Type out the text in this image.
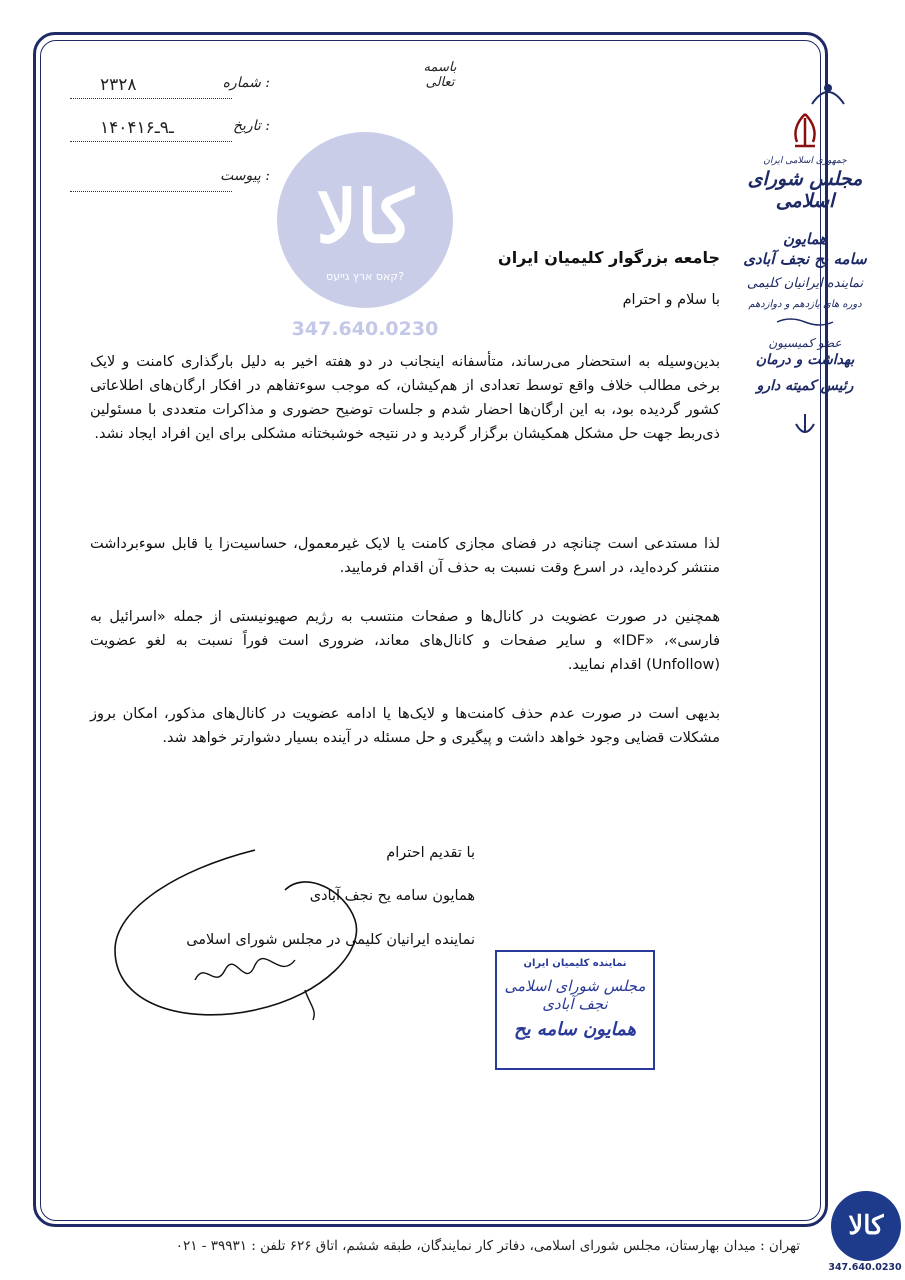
کالا
קאס ארץ גייעס?
347.640.0230
باسمه تعالی
۲۳۲۸	شماره :
۱۴۰۴ـ۹ـ۱۶	تاریخ :
پیوست :
جمهوری اسلامی ایران
مجلس شورای اسلامی
همایون
سامه یح نجف آبادی
نماینده ایرانیان کلیمی
دوره های یازدهم و دوازدهم
عضو کمیسیون
بهداشت و درمان
رئیس کمیته دارو
جامعه بزرگوار کلیمیان ایران
با سلام و احترام
بدین‌وسیله به استحضار می‌رساند، متأسفانه اینجانب در دو هفته اخیر به دلیل بارگذاری کامنت و لایک برخی مطالب خلاف واقع توسط تعدادی از هم‌کیشان، که موجب سوءتفاهم در افکار ارگان‌های اطلاعاتی کشور گردیده بود، به این ارگان‌ها احضار شدم و جلسات توضیح حضوری و مذاکرات متعددی با مسئولین ذی‌ربط جهت حل مشکل همکیشان برگزار گردید و در نتیجه خوشبختانه مشکلی برای این افراد ایجاد نشد.
لذا مستدعی است چنانچه در فضای مجازی کامنت یا لایک غیرمعمول، حساسیت‌زا یا قابل سوءبرداشت منتشر کرده‌اید، در اسرع وقت نسبت به حذف آن اقدام فرمایید.
همچنین در صورت عضویت در کانال‌ها و صفحات منتسب به رژیم صهیونیستی از جمله «اسرائیل به فارسی»، «IDF» و سایر صفحات و کانال‌های معاند، ضروری است فوراً نسبت به لغو عضویت (Unfollow) اقدام نمایید.
بدیهی است در صورت عدم حذف کامنت‌ها و لایک‌ها یا ادامه عضویت در کانال‌های مذکور، امکان بروز مشکلات قضایی وجود خواهد داشت و پیگیری و حل مسئله در آینده بسیار دشوارتر خواهد شد.
با تقدیم احترام
همایون سامه یح نجف آبادی
نماینده ایرانیان کلیمی در مجلس شورای اسلامی
نماینده کلیمیان ایران
مجلس شورای اسلامی نجف آبادی
همایون سامه یح
تهران : میدان بهارستان، مجلس شورای اسلامی، دفاتر کار نمایندگان، طبقه ششم، اتاق ۶۲۶ تلفن : ۳۹۹۳۱ - ۰۲۱
کالا
347.640.0230
